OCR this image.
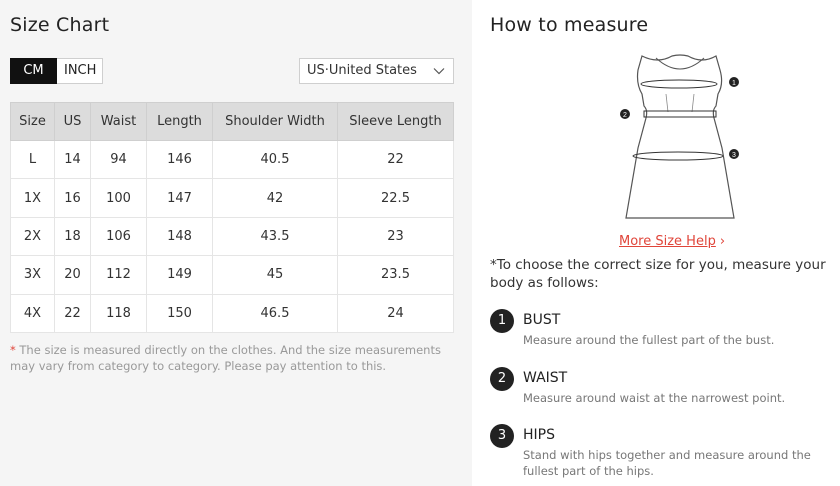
Size Chart
CM	INCH	US·United States
Size	US	Waist	Length	Shoulder Width	Sleeve Length
L	14	94	146	40.5	22
1X	16	100	147	42	22.5
2X	18	106	148	43.5	23
3X	20	112	149	45	23.5
4X	22	118	150	46.5	24
* The size is measured directly on the clothes. And the size measurements may vary from category to category. Please pay attention to this.
How to measure
1
2
3
More Size Help ›
*To choose the correct size for you, measure your body as follows:
1	BUST
Measure around the fullest part of the bust.
2	WAIST
Measure around waist at the narrowest point.
3	HIPS
Stand with hips together and measure around the fullest part of the hips.
